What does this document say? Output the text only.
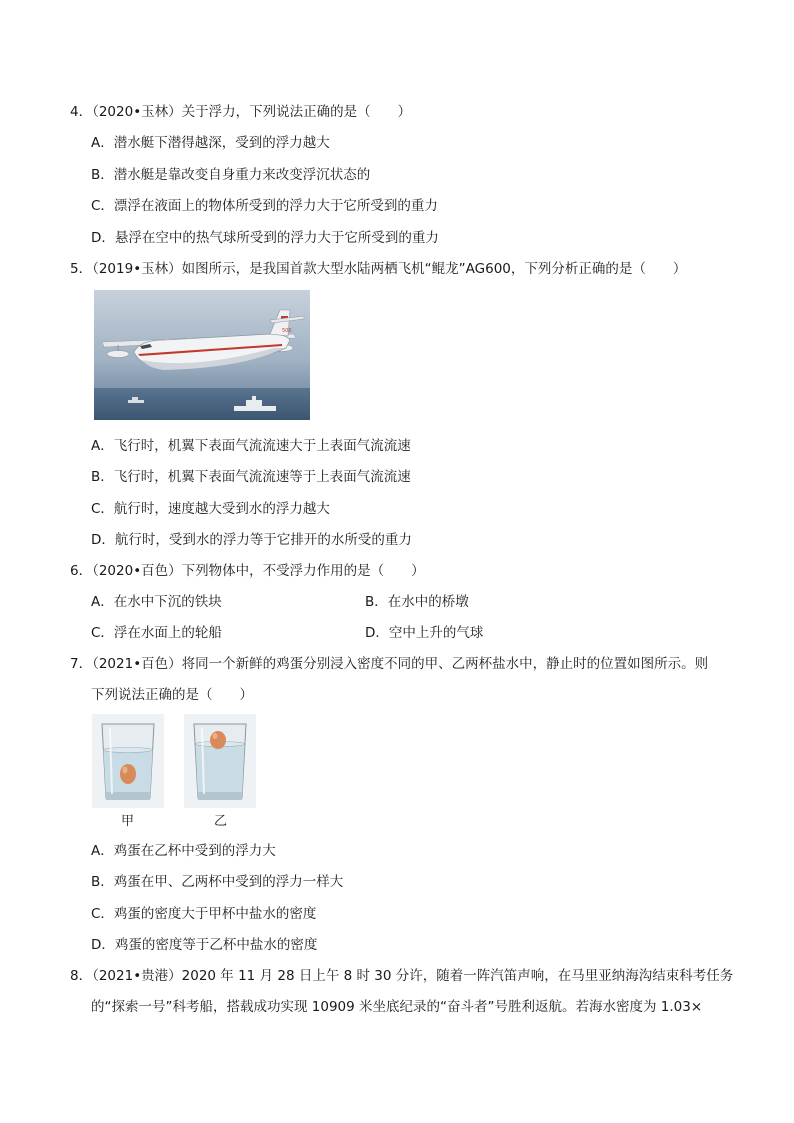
4．（2020•玉林）关于浮力，下列说法正确的是（　　）
A．潜水艇下潜得越深，受到的浮力越大
B．潜水艇是靠改变自身重力来改变浮沉状态的
C．漂浮在液面上的物体所受到的浮力大于它所受到的重力
D．悬浮在空中的热气球所受到的浮力大于它所受到的重力
5．（2019•玉林）如图所示，是我国首款大型水陆两栖飞机“鲲龙”AG600，下列分析正确的是（　　）
500
A．飞行时，机翼下表面气流流速大于上表面气流流速
B．飞行时，机翼下表面气流流速等于上表面气流流速
C．航行时，速度越大受到水的浮力越大
D．航行时，受到水的浮力等于它排开的水所受的重力
6．（2020•百色）下列物体中，不受浮力作用的是（　　）
A．在水中下沉的铁块	B．在水中的桥墩
C．浮在水面上的轮船	D．空中上升的气球
7．（2021•百色）将同一个新鲜的鸡蛋分别浸入密度不同的甲、乙两杯盐水中，静止时的位置如图所示。则
下列说法正确的是（　　）
甲	乙
A．鸡蛋在乙杯中受到的浮力大
B．鸡蛋在甲、乙两杯中受到的浮力一样大
C．鸡蛋的密度大于甲杯中盐水的密度
D．鸡蛋的密度等于乙杯中盐水的密度
8．（2021•贵港）2020 年 11 月 28 日上午 8 时 30 分许，随着一阵汽笛声响，在马里亚纳海沟结束科考任务
的“探索一号”科考船，搭载成功实现 10909 米坐底纪录的“奋斗者”号胜利返航。若海水密度为 1.03×
